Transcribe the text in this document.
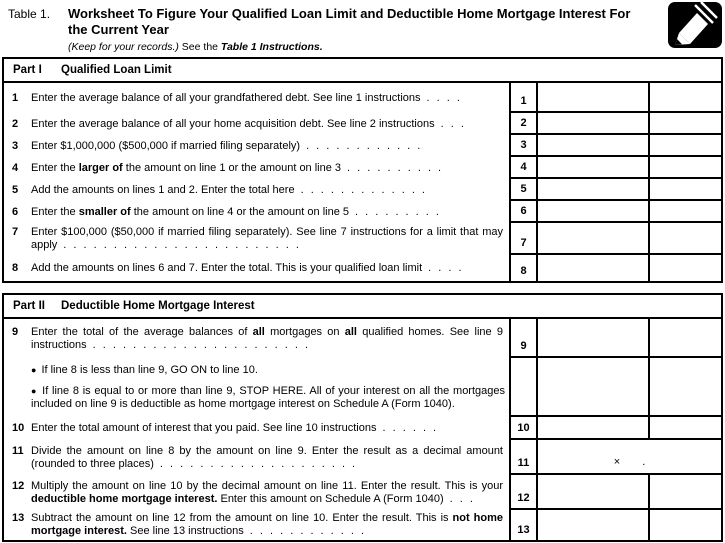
Table 1. Worksheet To Figure Your Qualified Loan Limit and Deductible Home Mortgage Interest For the Current Year
(Keep for your records.) See the Table 1 Instructions.
Part I	Qualified Loan Limit
1	Enter the average balance of all your grandfathered debt. See line 1 instructions . . . .	1
2	Enter the average balance of all your home acquisition debt. See line 2 instructions . . .	2
3	Enter $1,000,000 ($500,000 if married filing separately) . . . . . . . . . . . .	3
4	Enter the larger of the amount on line 1 or the amount on line 3 . . . . . . . . . .	4
5	Add the amounts on lines 1 and 2. Enter the total here . . . . . . . . . . . . .	5
6	Enter the smaller of the amount on line 4 or the amount on line 5 . . . . . . . . .	6
7	Enter $100,000 ($50,000 if married filing separately). See line 7 instructions for a limit that may apply . . . . . . . . . . . . . . . . . . . . . . . .	7
8	Add the amounts on lines 6 and 7. Enter the total. This is your qualified loan limit . . . .	8
Part II	Deductible Home Mortgage Interest
9	Enter the total of the average balances of all mortgages on all qualified homes. See line 9 instructions . . . . . . . . . . . . . . . . . . . . . .	9

● If line 8 is less than line 9, GO ON to line 10.

● If line 8 is equal to or more than line 9, STOP HERE. All of your interest on all the mortgages included on line 9 is deductible as home mortgage interest on Schedule A (Form 1040).

10 Enter the total amount of interest that you paid. See line 10 instructions . . . . . .	10
11 Divide the amount on line 8 by the amount on line 9. Enter the result as a decimal amount (rounded to three places) . . . . . . . . . . . . . . . . . . . .	11	× .
12 Multiply the amount on line 10 by the decimal amount on line 11. Enter the result. This is your deductible home mortgage interest. Enter this amount on Schedule A (Form 1040) . . .	12
13 Subtract the amount on line 12 from the amount on line 10. Enter the result. This is not home mortgage interest. See line 13 instructions . . . . . . . . . . . .	13
